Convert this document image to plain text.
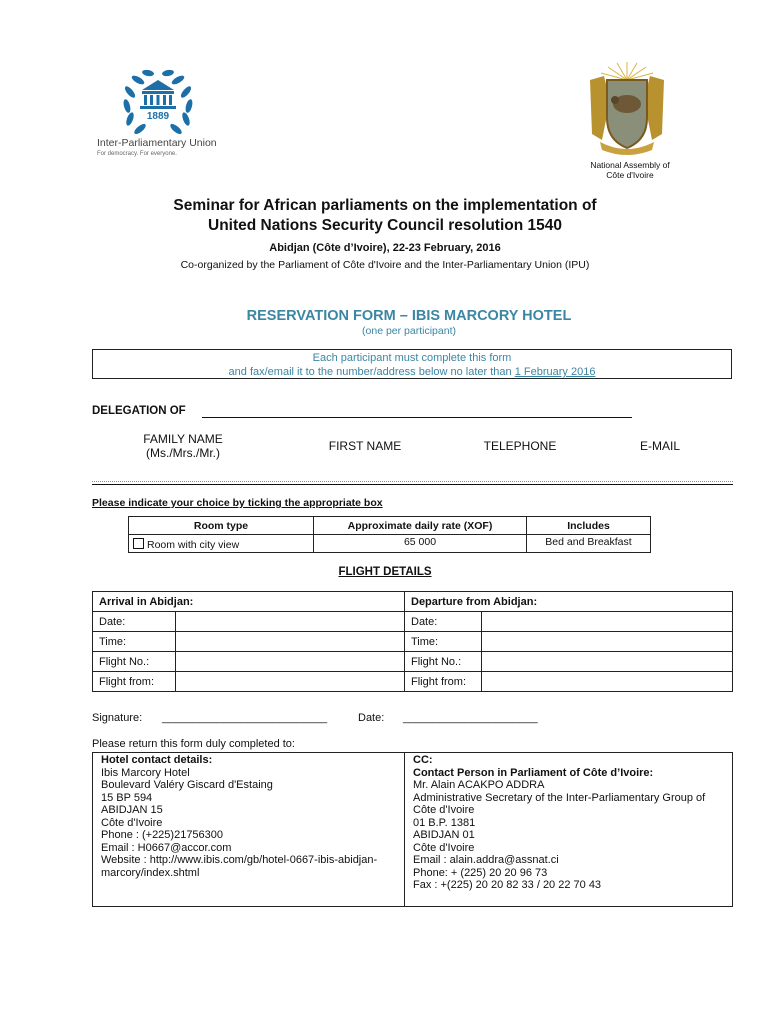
1889
Inter-Parliamentary Union
For democracy. For everyone.
National Assembly of
Côte d'Ivoire
Seminar for African parliaments on the implementation of
United Nations Security Council resolution 1540
Abidjan (Côte d’Ivoire), 22-23 February, 2016
Co-organized by the Parliament of Côte d'Ivoire and the Inter-Parliamentary Union (IPU)
RESERVATION FORM – IBIS MARCORY HOTEL
(one per participant)
Each participant must complete this form
and fax/email it to the number/address below no later than 1 February 2016
DELEGATION OF
FAMILY NAME
(Ms./Mrs./Mr.)	FIRST NAME	TELEPHONE	E-MAIL
Please indicate your choice by ticking the appropriate box
Room type	Approximate daily rate (XOF)	Includes
Room with city view	65 000	Bed and Breakfast
FLIGHT DETAILS
Arrival in Abidjan:		Departure from Abidjan:	
Date:		Date:	
Time:		Time:	
Flight No.:		Flight No.:	
Flight from:		Flight from:	
Signature: ___________________________	Date: ______________________
Please return this form duly completed to:
Hotel contact details:
Ibis Marcory Hotel
Boulevard Valéry Giscard d'Estaing
15 BP 594
ABIDJAN 15
Côte d'Ivoire
Phone : (+225)21756300
Email : H0667@accor.com
Website : http://www.ibis.com/gb/hotel-0667-ibis-abidjan-
marcory/index.shtml

CC:
Contact Person in Parliament of Côte d’Ivoire:
Mr. Alain ACAKPO ADDRA
Administrative Secretary of the Inter-Parliamentary Group of
Côte d'Ivoire
01 B.P. 1381
ABIDJAN 01
Côte d'Ivoire
Email : alain.addra@assnat.ci
Phone: + (225) 20 20 96 73
Fax : +(225) 20 20 82 33 / 20 22 70 43
